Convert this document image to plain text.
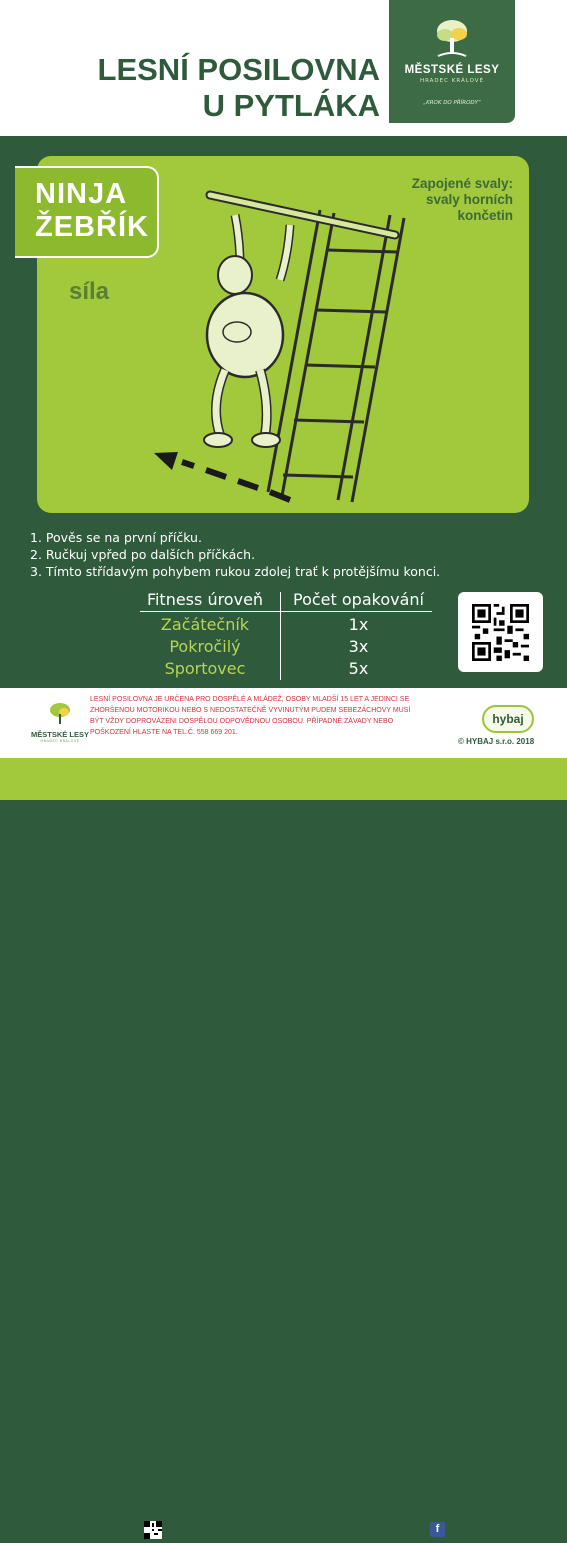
LESNÍ POSILOVNA
U PYTLÁKA
MĚSTSKÉ LESY
HRADEC KRÁLOVÉ
„KROK DO PŘÍRODY“
NINJA
ŽEBŘÍK
síla
Zapojené svaly:
svaly horních
končetin
1. Pověs se na první příčku.
2. Ručkuj vpřed po dalších příčkách.
3. Tímto střídavým pohybem rukou zdolej trať k protějšímu konci.
Fitness úroveň	Počet opakování
Začátečník	1x
Pokročilý	3x
Sportovec	5x
MĚSTSKÉ LESY
HRADEC KRÁLOVÉ
LESNÍ POSILOVNA JE URČENA PRO DOSPĚLÉ A MLÁDEŽ, OSOBY MLADŠÍ 15 LET A JEDINCI SE ZHORŠENOU MOTORIKOU NEBO S NEDOSTATEČNĚ VYVINUTÝM PUDEM SEBEZÁCHOVY MUSÍ BÝT VŽDY DOPROVÁZENI DOSPĚLOU ODPOVĚDNOU OSOBOU. PŘÍPADNÉ ZÁVADY NEBO POŠKOZENÍ HLASTE NA TEL.Č. 558 669 201.
hybaj
© HYBAJ s.r.o. 2018
www.mestske-lesy.cz	Městské lesy Hradec Králové a.s., Přemyslova čp. 219, 500 08 Hradec Králové	f	Staňte se našimi fanoušky
